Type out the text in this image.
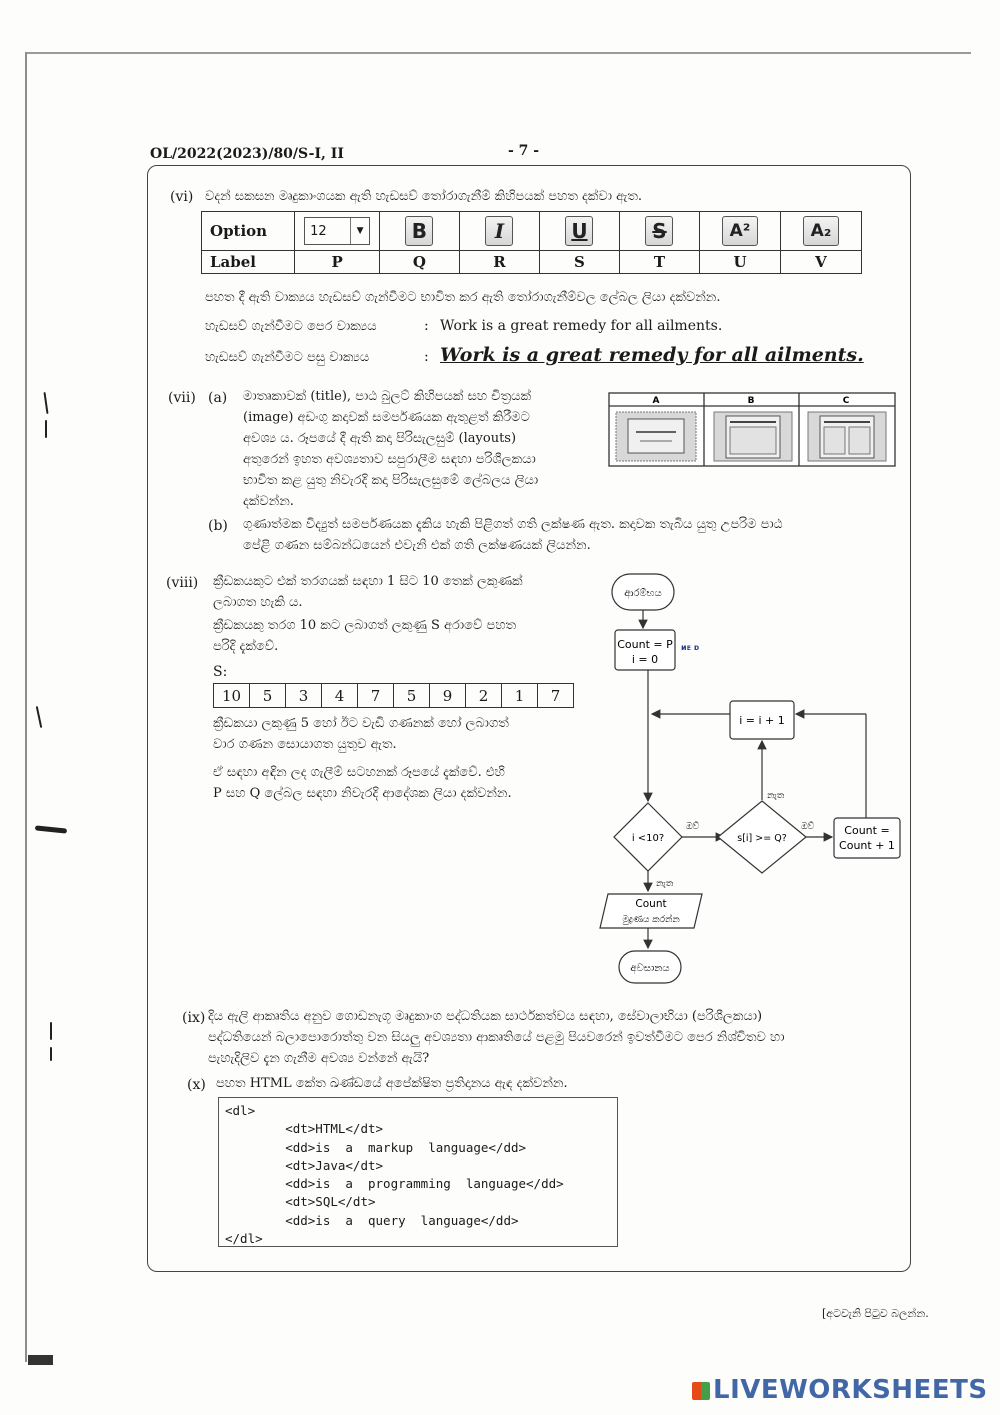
OL/2022(2023)/80/S-I, II	- 7 -
(vi) වදන් සකසන මෘදුකාංගයක ඇති හැඩසව් තෝරාගැනීම් කිහිපයක් පහත දක්වා ඇත.
Option	12 ▼	B	I	U	S	A²	A₂
Label	P	Q	R	S	T	U	V
පහත දී ඇති වාක්‍යය හැඩසව් ගැන්වීමට භාවිත කර ඇති තෝරාගැනීම්වල ලේබල ලියා දක්වන්න.
හැඩසව් ගැන්වීමට පෙර වාක්‍යය	: Work is a great remedy for all ailments.
හැඩසව් ගැන්වීමට පසු වාක්‍යය	: Work is a great remedy for all ailments.
(vii) (a) මාතෘකාවක් (title), පාඨ බුලට් කිහිපයක් සහ චිත්‍රයක්
(image) අඩංගු කදාවක් සමර්පණයක ඇතුළත් කිරීමට
අවශ්‍ය ය. රූපයේ දී ඇති කදා පිරිසැලසුම් (layouts)
අතුරෙන් ඉහත අවශ්‍යතාව සපුරාලීම සඳහා පරිශීලකයා
භාවිත කළ යුතු නිවැරදි කදා පිරිසැලසුමේ ලේබලය ලියා
දක්වන්න.
A	B	C
(b) ගුණාත්මක විද්‍යුත් සමර්පණයක දැකිය හැකි පිළිගත් ගති ලක්ෂණ ඇත. කදාවක තැබිය යුතු උපරිම පාඨ
පේළි ගණන සම්බන්ධයෙන් එවැනි එක් ගති ලක්ෂණයක් ලියන්න.
(viii) ක්‍රීඩකයකුට එක් තරගයක් සඳහා 1 සිට 10 තෙක් ලකුණක්
ලබාගත හැකි ය.
ක්‍රීඩකයකු තරග 10 කට ලබාගත් ලකුණු S අරාවේ පහත
පරිදි දැක්වේ.
S:
10	5	3	4	7	5	9	2	1	7
ක්‍රීඩකයා ලකුණු 5 හෝ ඊට වැඩි ගණනක් හෝ ලබාගත්
වාර ගණන සොයාගත යුතුව ඇත.
ඒ සඳහා අඳින ලද ගැලීම් සටහනක් රූපයේ දැක්වේ. එහි
P සහ Q ලේබල සඳහා නිවැරදි ආදේශක ලියා දක්වන්න.
ආරම්භය
Count = P
i = 0
ᴎᴇ ᴅ
i = i + 1
i <10?	s[i] >= Q?
ඔව්	ඔව්
නැත
නැත
Count =
Count + 1
Count
මුද්‍රණය කරන්න
අවසානය
(ix) දිය ඇලි ආකෘතිය අනුව ගොඩනැගූ මෘදුකාංග පද්ධතියක සාර්ථකත්වය සඳහා, සේවාලාභියා (පරිශීලකයා)
පද්ධතියෙන් බලාපොරොත්තු වන සියලු අවශ්‍යතා ආකෘතියේ පළමු පියවරෙන් ඉවත්වීමට පෙර නිශ්චිතව හා
පැහැදිලිව දැන ගැනීම අවශ්‍ය වන්නේ ඇයි?
(x) පහත HTML කේත ඛණ්ඩයේ අපේක්ෂිත ප්‍රතිදානය ඇඳ දක්වන්න.
<dl>
<dt>HTML</dt>
<dd>is  a  markup  language</dd>
<dt>Java</dt>
<dd>is  a  programming  language</dd>
<dt>SQL</dt>
<dd>is  a  query  language</dd>
</dl>
[අටවැනි පිටුව බලන්න.
LIVEWORKSHEETS
